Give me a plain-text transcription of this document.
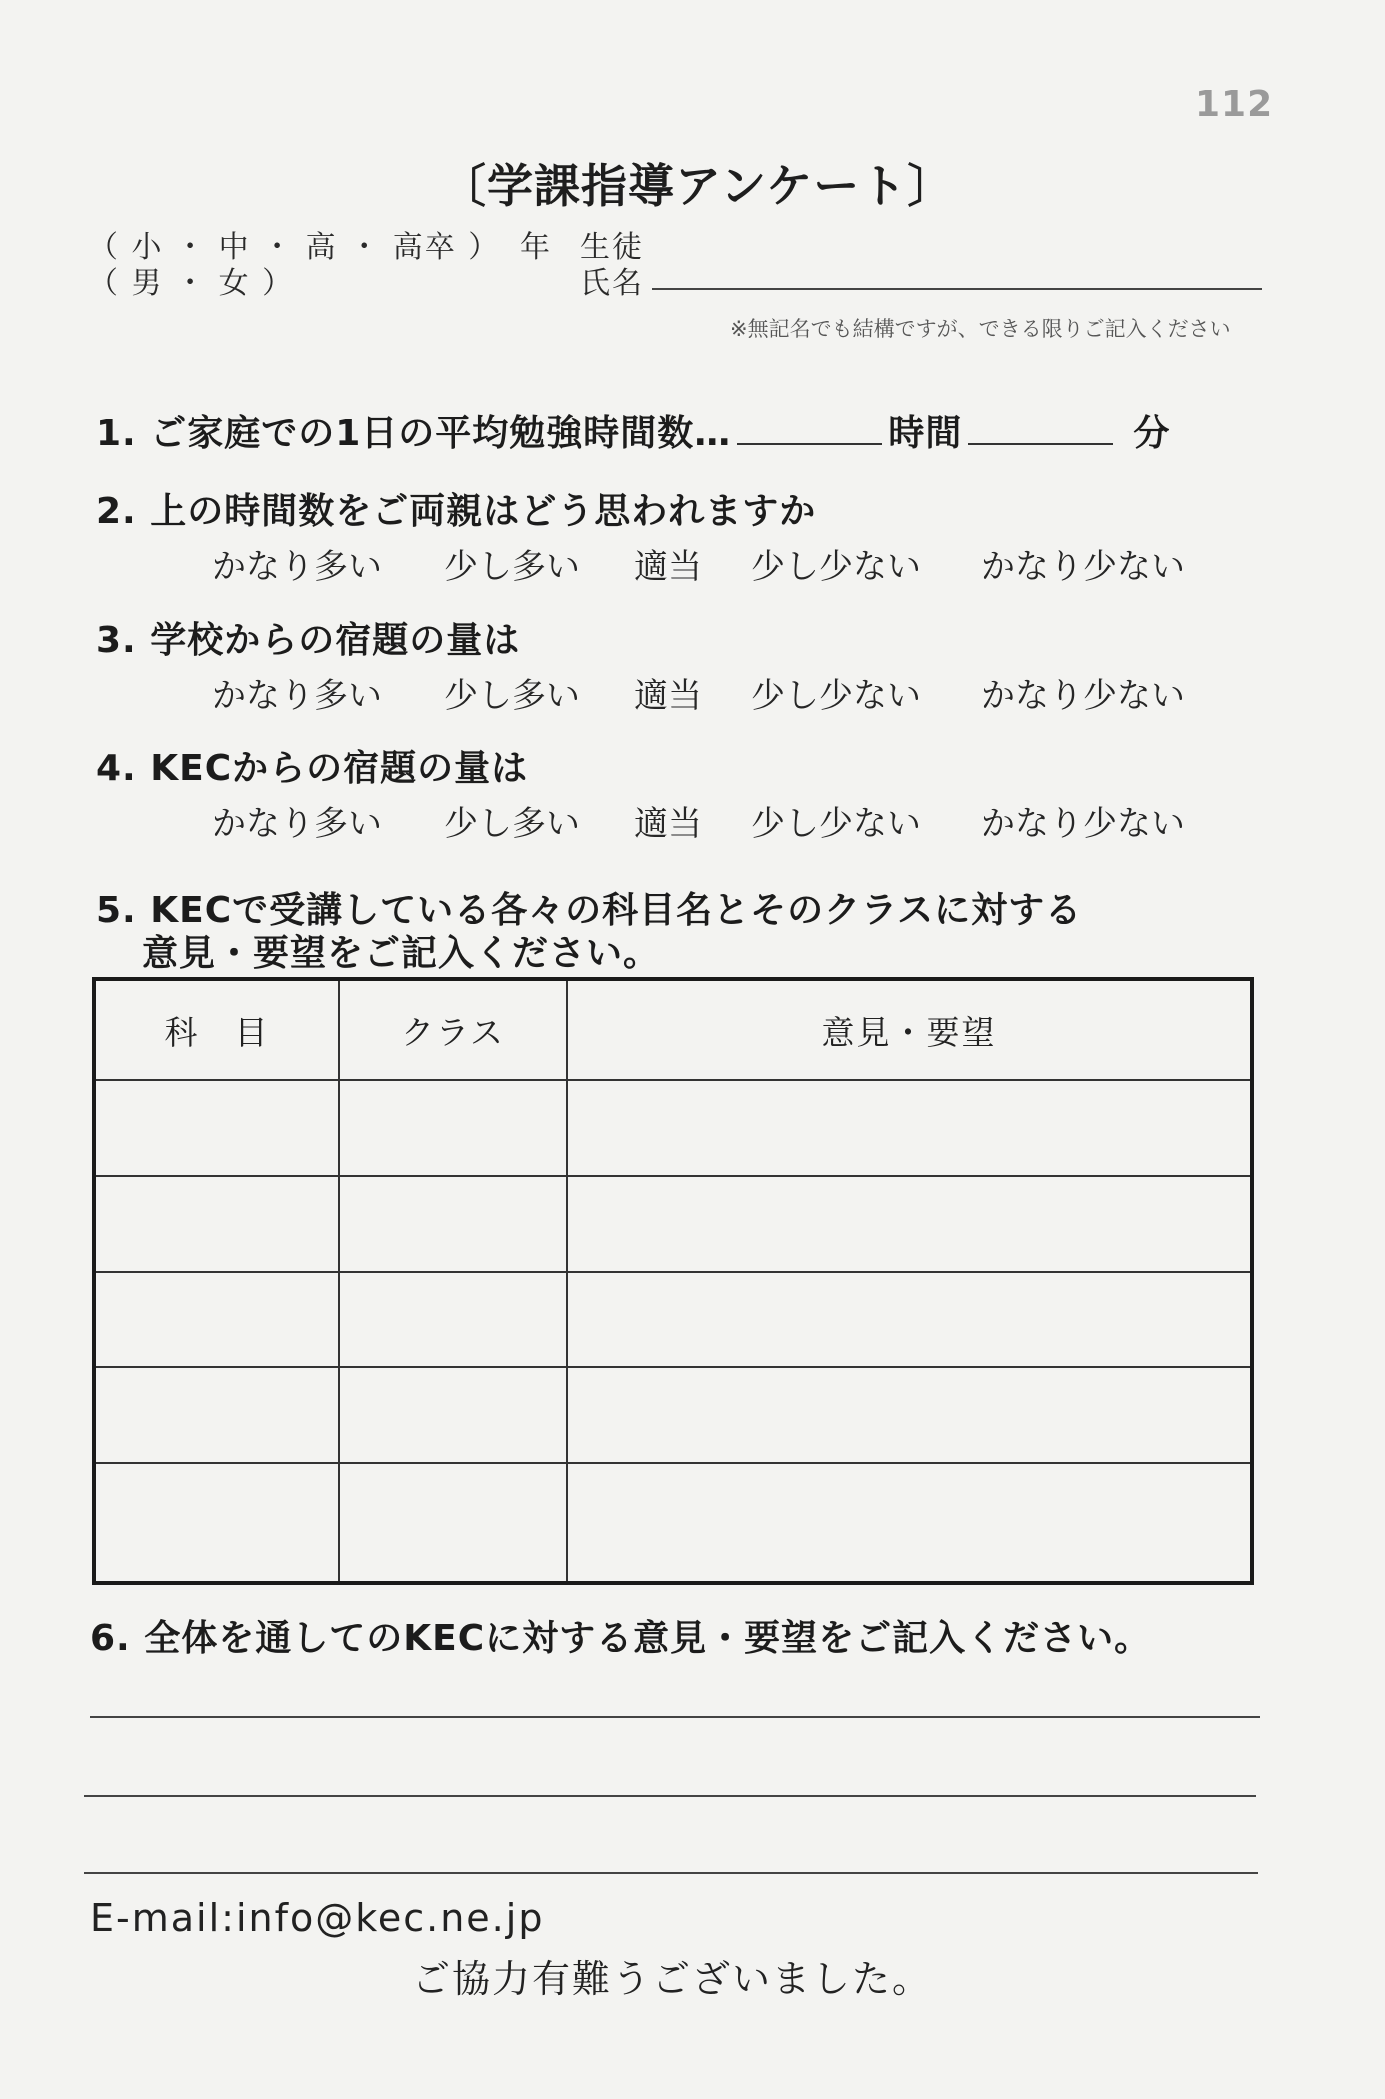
112
〔学課指導アンケート〕
（ 小 ・ 中 ・ 高 ・ 高卒 ）
（ 男 ・ 女 ）
年 生徒
氏名
※無記名でも結構ですが、できる限りご記入ください
1. ご家庭での1日の平均勉強時間数…	時間	分
2. 上の時間数をご両親はどう思われますか
かなり多い	少し多い	適当	少し少ない	かなり少ない
3. 学校からの宿題の量は
かなり多い	少し多い	適当	少し少ない	かなり少ない
4. KECからの宿題の量は
かなり多い	少し多い	適当	少し少ない	かなり少ない
5. KECで受講している各々の科目名とそのクラスに対する
意見・要望をご記入ください。
科　目	クラス	意見・要望

6. 全体を通してのKECに対する意見・要望をご記入ください。
E-mail:info@kec.ne.jp
ご協力有難うございました。
